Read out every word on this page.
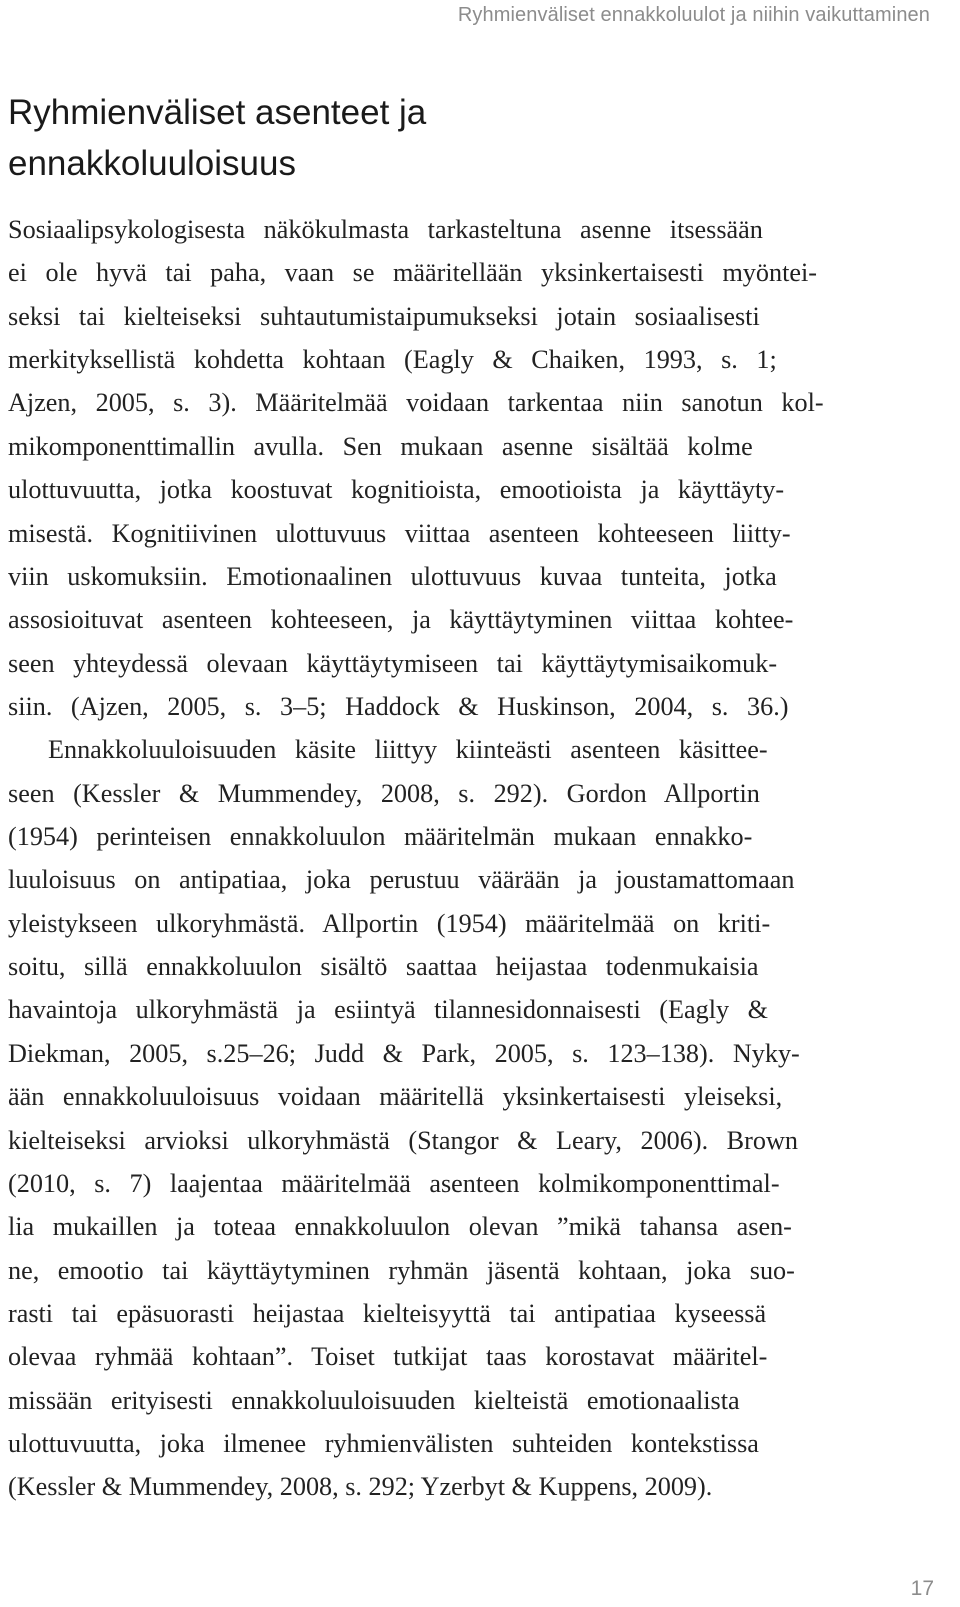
Ryhmienväliset ennakkoluulot ja niihin vaikuttaminen
Ryhmienväliset asenteet ja
ennakkoluuloisuus
Sosiaalipsykologisesta näkökulmasta tarkasteltuna asenne itsessään
ei ole hyvä tai paha, vaan se määritellään yksinkertaisesti myöntei-
seksi tai kielteiseksi suhtautumistaipumukseksi jotain sosiaalisesti
merkityksellistä kohdetta kohtaan (Eagly & Chaiken, 1993, s. 1;
Ajzen, 2005, s. 3). Määritelmää voidaan tarkentaa niin sanotun kol-
mikomponenttimallin avulla. Sen mukaan asenne sisältää kolme
ulottuvuutta, jotka koostuvat kognitioista, emootioista ja käyttäyty-
misestä. Kognitiivinen ulottuvuus viittaa asenteen kohteeseen liitty-
viin uskomuksiin. Emotionaalinen ulottuvuus kuvaa tunteita, jotka
assosioituvat asenteen kohteeseen, ja käyttäytyminen viittaa kohtee-
seen yhteydessä olevaan käyttäytymiseen tai käyttäytymisaikomuk-
siin. (Ajzen, 2005, s. 3–5; Haddock & Huskinson, 2004, s. 36.)
Ennakkoluuloisuuden käsite liittyy kiinteästi asenteen käsittee-
seen (Kessler & Mummendey, 2008, s. 292). Gordon Allportin
(1954) perinteisen ennakkoluulon määritelmän mukaan ennakko-
luuloisuus on antipatiaa, joka perustuu väärään ja joustamattomaan
yleistykseen ulkoryhmästä. Allportin (1954) määritelmää on kriti-
soitu, sillä ennakkoluulon sisältö saattaa heijastaa todenmukaisia
havaintoja ulkoryhmästä ja esiintyä tilannesidonnaisesti (Eagly &
Diekman, 2005, s.25–26; Judd & Park, 2005, s. 123–138). Nyky-
ään ennakkoluuloisuus voidaan määritellä yksinkertaisesti yleiseksi,
kielteiseksi arvioksi ulkoryhmästä (Stangor & Leary, 2006). Brown
(2010, s. 7) laajentaa määritelmää asenteen kolmikomponenttimal-
lia mukaillen ja toteaa ennakkoluulon olevan ”mikä tahansa asen-
ne, emootio tai käyttäytyminen ryhmän jäsentä kohtaan, joka suo-
rasti tai epäsuorasti heijastaa kielteisyyttä tai antipatiaa kyseessä
olevaa ryhmää kohtaan”. Toiset tutkijat taas korostavat määritel-
missään erityisesti ennakkoluuloisuuden kielteistä emotionaalista
ulottuvuutta, joka ilmenee ryhmienvälisten suhteiden kontekstissa
(Kessler & Mummendey, 2008, s. 292; Yzerbyt & Kuppens, 2009).
17
